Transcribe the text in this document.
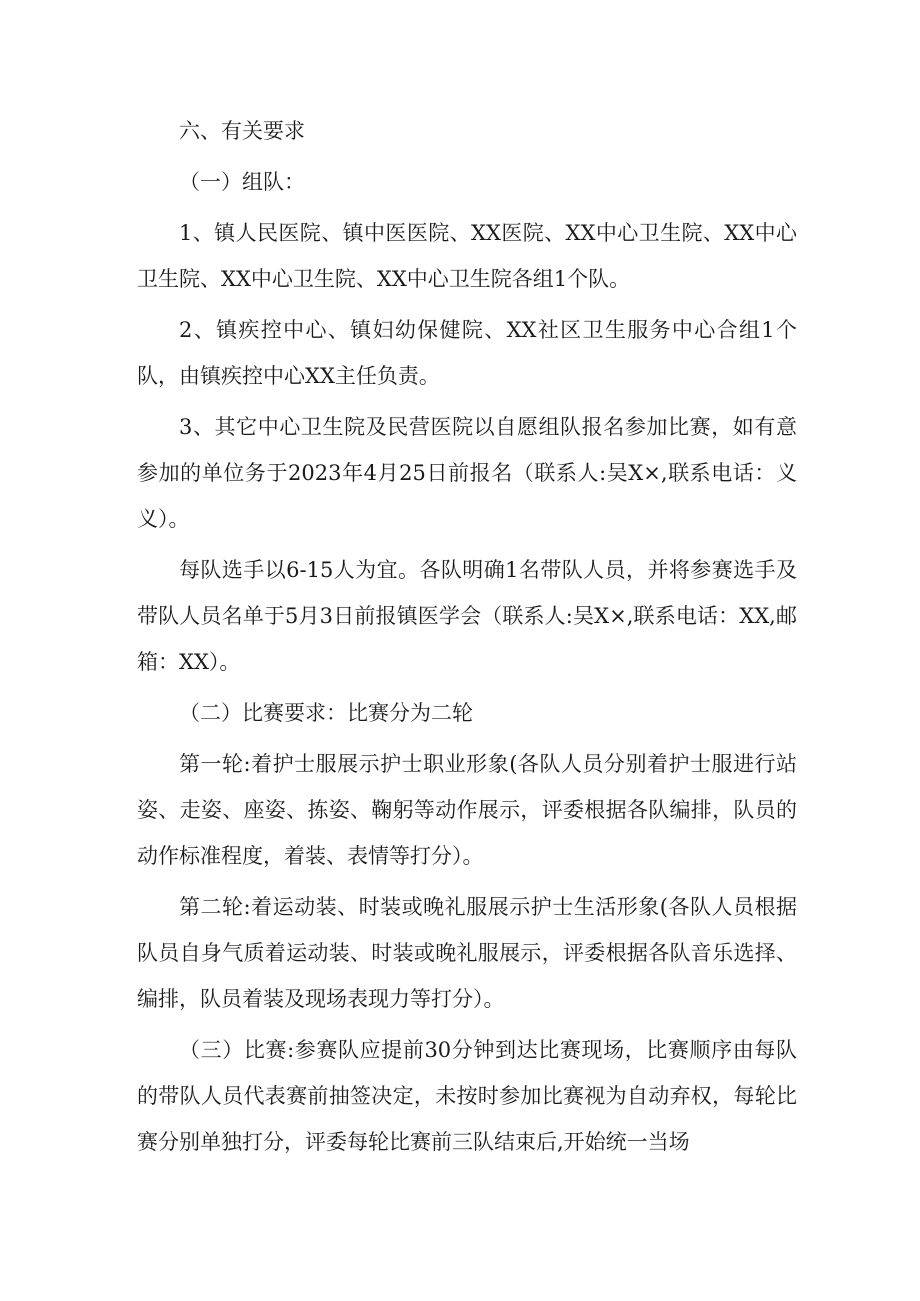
六、有关要求

（一）组队：

1、镇人民医院、镇中医医院、XX医院、XX中心卫生院、XX中心卫生院、XX中心卫生院、XX中心卫生院各组1个队。

2、镇疾控中心、镇妇幼保健院、XX社区卫生服务中心合组1个队，由镇疾控中心XX主任负责。

3、其它中心卫生院及民营医院以自愿组队报名参加比赛，如有意参加的单位务于2023年4月25日前报名（联系人:吴X×,联系电话：义义）。

每队选手以6-15人为宜。各队明确1名带队人员，并将参赛选手及带队人员名单于5月3日前报镇医学会（联系人:吴X×,联系电话：XX,邮箱：XX）。

（二）比赛要求：比赛分为二轮

第一轮:着护士服展示护士职业形象(各队人员分别着护士服进行站姿、走姿、座姿、拣姿、鞠躬等动作展示，评委根据各队编排，队员的动作标准程度，着装、表情等打分）。

第二轮:着运动装、时装或晚礼服展示护士生活形象(各队人员根据队员自身气质着运动装、时装或晚礼服展示，评委根据各队音乐选择、编排，队员着装及现场表现力等打分）。

（三）比赛:参赛队应提前30分钟到达比赛现场，比赛顺序由每队的带队人员代表赛前抽签决定，未按时参加比赛视为自动弃权，每轮比赛分别单独打分，评委每轮比赛前三队结束后,开始统一当场
